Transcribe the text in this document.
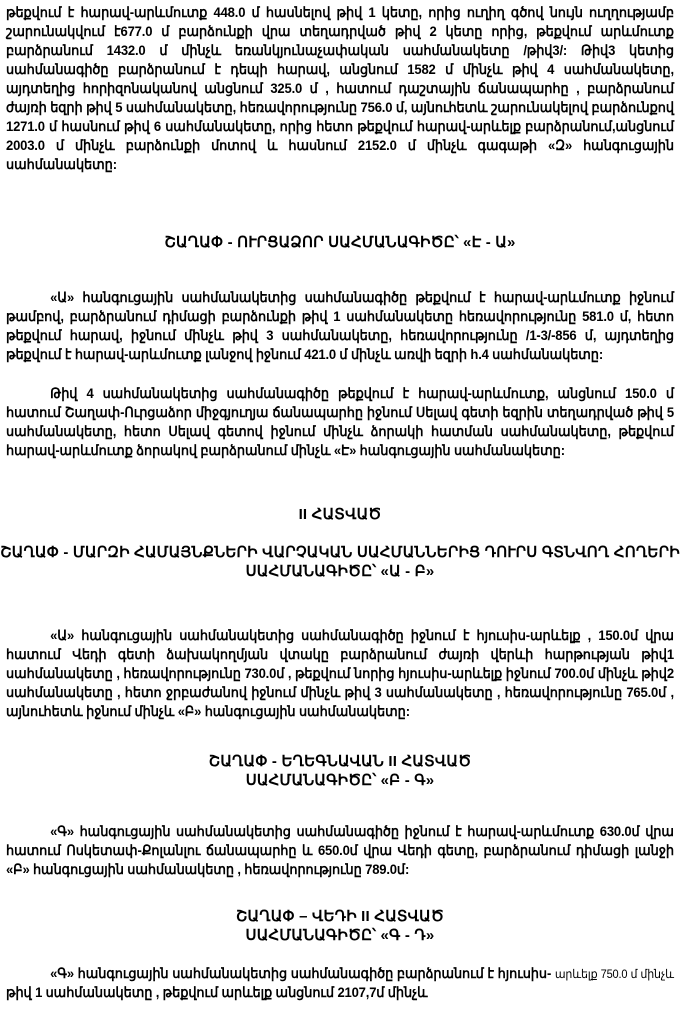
թեքվում է հարավ-արևմուտք 448.0 մ հասնելով թիվ 1 կետը, որից ուղիղ գծով նույն ուղղությամբ շարունակվում է677.0 մ բարձունքի վրա տեղադրված թիվ 2 կետը որից, թեքվում արևմուտք բարձրանում 1432.0 մ մինչև եռանկյունաչափական սահմանակետը /թիվ3/: Թիվ3 կետից սահմանագիծը բարձրանում է դեպի հարավ, անցնում 1582 մ մինչև թիվ 4 սահմանակետը, այդտեղից հորիզոնականով անցնում 325.0 մ , հատում դաշտային ճանապարհը , բարձրանում ժայռի եզրի թիվ 5 սահմանակետը, հեռավորությունը 756.0 մ, այնուհետև շարունակելով բարձունքով 1271.0 մ հասնում թիվ 6 սահմանակետը, որից հետո թեքվում հարավ-արևելք բարձրանում,անցնում 2003.0 մ մինչև բարձունքի մոտով և հասնում 2152.0 մ մինչև գագաթի «Զ» հանգուցային սահմանակետը:
ՇԱՂԱՓ - ՈՒՐՑԱՁՈՐ ՍԱՀՄԱՆԱԳԻԾԸ՝ «Է - Ա»
«Ա» հանգուցային սահմանակետից սահմանագիծը թեքվում է հարավ-արևմուտք իջնում թամբով, բարձրանում դիմացի բարձունքի թիվ 1 սահմանակետը հեռավորությունը 581.0 մ, հետո թեքվում հարավ, իջնում մինչև թիվ 3 սահմանակետը, հեռավորությունը /1-3/-856 մ, այդտեղից թեքվում է հարավ-արևմուտք լանջով իջնում 421.0 մ մինչև առվի եզրի h.4 սահմանակետը:
Թիվ 4 սահմանակետից սահմանագիծը թեքվում է հարավ-արևմուտք, անցնում 150.0 մ հատում Շաղափ-Ուրցաձոր միջգյուղյա ճանապարհը իջնում Սելավ գետի եզրին տեղադրված թիվ 5 սահմանակետը, հետո Սելավ գետով իջնում մինչև ձորակի հատման սահմանակետը, թեքվում հարավ-արևմուտք ձորակով բարձրանում մինչև «Է» հանգուցային սահմանակետը:
II ՀԱՏՎԱԾ
ՇԱՂԱՓ - ՄԱՐԶԻ ՀԱՄԱՅՆՔՆԵՐԻ ՎԱՐՉԱԿԱՆ ՍԱՀՄԱՆՆԵՐԻՑ ԴՈՒՐՍ ԳՏՆՎՈՂ ՀՈՂԵՐԻ
ՍԱՀՄԱՆԱԳԻԾԸ՝ «Ա - Բ»
«Ա» հանգուցային սահմանակետից սահմանագիծը իջնում է հյուսիս-արևելք , 150.0մ վրա հատում Վեդի գետի ձախակողմյան վտակը բարձրանում ժայռի վերևի հարթության թիվ1 սահմանակետը , հեռավորությունը 730.0մ , թեքվում նորից հյուսիս-արևելք իջնում 700.0մ մինչև թիվ2 սահմանակետը , հետո ջրբաժանով իջնում մինչև թիվ 3 սահմանակետը , հեռավորությունը 765.0մ , այնուհետև իջնում մինչև «Բ» հանգուցային սահմանակետը:
ՇԱՂԱՓ - ԵՂԵԳՆԱՎԱՆ II ՀԱՏՎԱԾ
ՍԱՀՄԱՆԱԳԻԾԸ՝ «Բ - Գ»
«Գ» հանգուցային սահմանակետից սահմանագիծը իջնում է հարավ-արևմուտք 630.0մ վրա հատում Ոսկետափ-Քոլանլու ճանապարհը և 650.0մ վրա Վեդի գետը, բարձրանում դիմացի լանջի «Բ» հանգուցային սահմանակետը , հեռավորությունը 789.0մ:
ՇԱՂԱՓ – ՎԵԴԻ II ՀԱՏՎԱԾ
ՍԱՀՄԱՆԱԳԻԾԸ՝ «Գ - Դ»
«Գ» հանգուցային սահմանակետից սահմանագիծը բարձրանում է հյուսիս- արևելք 750.0 մ մինչև թիվ 1 սահմանակետը , թեքվում արևելք անցնում 2107,7մ մինչև
